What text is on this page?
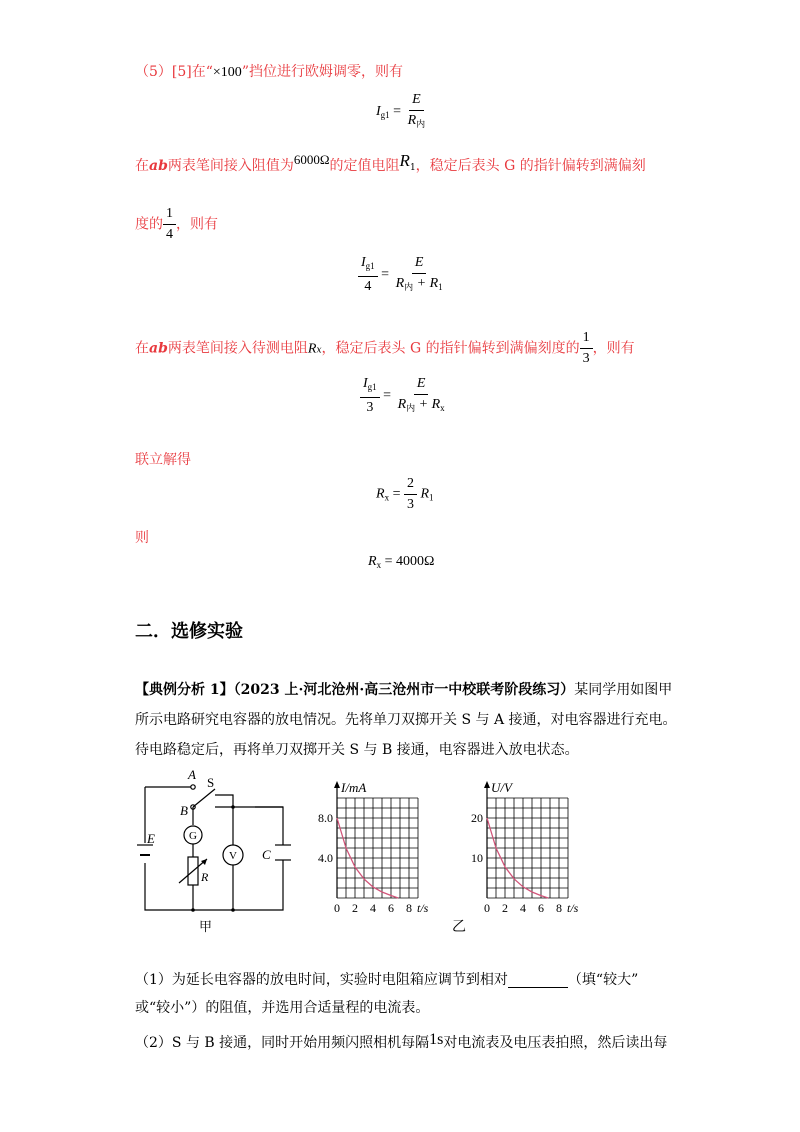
（5）[5]在“×100”挡位进行欧姆调零，则有
$I_{g1} = \frac{E}{R_内}$
在ab两表笔间接入阻值为6000Ω的定值电阻R1，稳定后表头 G 的指针偏转到满偏刻
度的 $\frac{1}{4}$ ，则有
$\frac{I_{g1}}{4} = \frac{E}{R_内 + R_1}$
在ab两表笔间接入待测电阻Rx，稳定后表头 G 的指针偏转到满偏刻度的 $\frac{1}{3}$ ，则有
$\frac{I_{g1}}{3} = \frac{E}{R_内 + R_x}$
联立解得
$R_x = \frac{2}{3} R_1$
则
$R_x = 4000\Omega$
二．选修实验
【典例分析 1】（2023 上·河北沧州·高三沧州市一中校联考阶段练习）某同学用如图甲
所示电路研究电容器的放电情况。先将单刀双掷开关 S 与 A 接通，对电容器进行充电。
待电路稳定后，再将单刀双掷开关 S 与 B 接通，电容器进入放电状态。
A
S
B
G
E
R
V C
甲
I/mA
0 2 4 6 8 t/s
4.0
8.0
U/V
0 2 4 6 8 t/s
10
20
乙
（1）为延长电容器的放电时间，实验时电阻箱应调节到相对	（填“较大”
或“较小”）的阻值，并选用合适量程的电流表。
（2）S 与 B 接通，同时开始用频闪照相机每隔1s对电流表及电压表拍照，然后读出每
